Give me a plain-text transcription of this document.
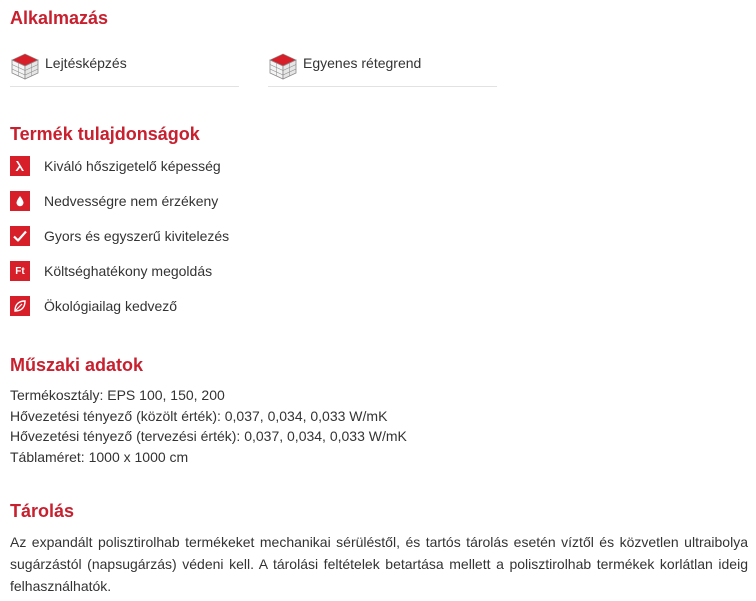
Alkalmazás
Lejtésképzés	Egyenes rétegrend
Termék tulajdonságok
Kiváló hőszigetelő képesség
Nedvességre nem érzékeny
Gyors és egyszerű kivitelezés
Ft	Költséghatékony megoldás
Ökológiailag kedvező
Műszaki adatok
Termékosztály: EPS 100, 150, 200
Hővezetési tényező (közölt érték): 0,037, 0,034, 0,033 W/mK
Hővezetési tényező (tervezési érték): 0,037, 0,034, 0,033 W/mK
Táblaméret: 1000 x 1000 cm
Tárolás

Az expandált polisztirolhab termékeket mechanikai sérüléstől, és tartós tárolás esetén víztől és közvetlen ultraibolya sugárzástól (napsugárzás) védeni kell. A tárolási feltételek betartása mellett a polisztirolhab termékek korlátlan ideig felhasználhatók.
